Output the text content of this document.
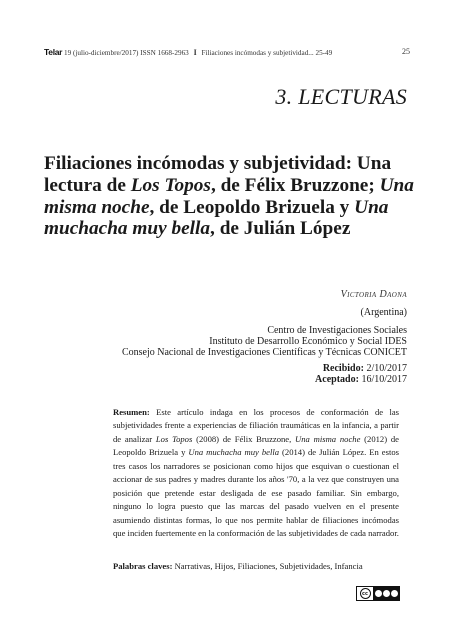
Telar 19 (julio-diciembre/2017) ISSN 1668-2963 I Filiaciones incómodas y subjetividad... 25-49	25
3. LECTURAS
Filiaciones incómodas y subjetividad: Una lectura de Los Topos, de Félix Bruzzone; Una misma noche, de Leopoldo Brizuela y Una muchacha muy bella, de Julián López
Victoria Daona
(Argentina)
Centro de Investigaciones Sociales
Instituto de Desarrollo Económico y Social IDES
Consejo Nacional de Investigaciones Científicas y Técnicas CONICET
Recibido: 2/10/2017
Aceptado: 16/10/2017

Resumen: Este artículo indaga en los procesos de conformación de las subjetividades frente a experiencias de filiación traumáticas en la infancia, a partir de analizar Los Topos (2008) de Félix Bruzzone, Una misma noche (2012) de Leopoldo Brizuela y Una muchacha muy bella (2014) de Julián López. En estos tres casos los narradores se posicionan como hijos que esquivan o cuestionan el accionar de sus padres y madres durante los años '70, a la vez que construyen una posición que pretende estar desligada de ese pasado familiar. Sin embargo, ninguno lo logra puesto que las marcas del pasado vuelven en el presente asumiendo distintas formas, lo que nos permite hablar de filiaciones incómodas que inciden fuertemente en la conformación de las subjetividades de cada narrador.

Palabras claves: Narrativas, Hijos, Filiaciones, Subjetividades, Infancia

cc
